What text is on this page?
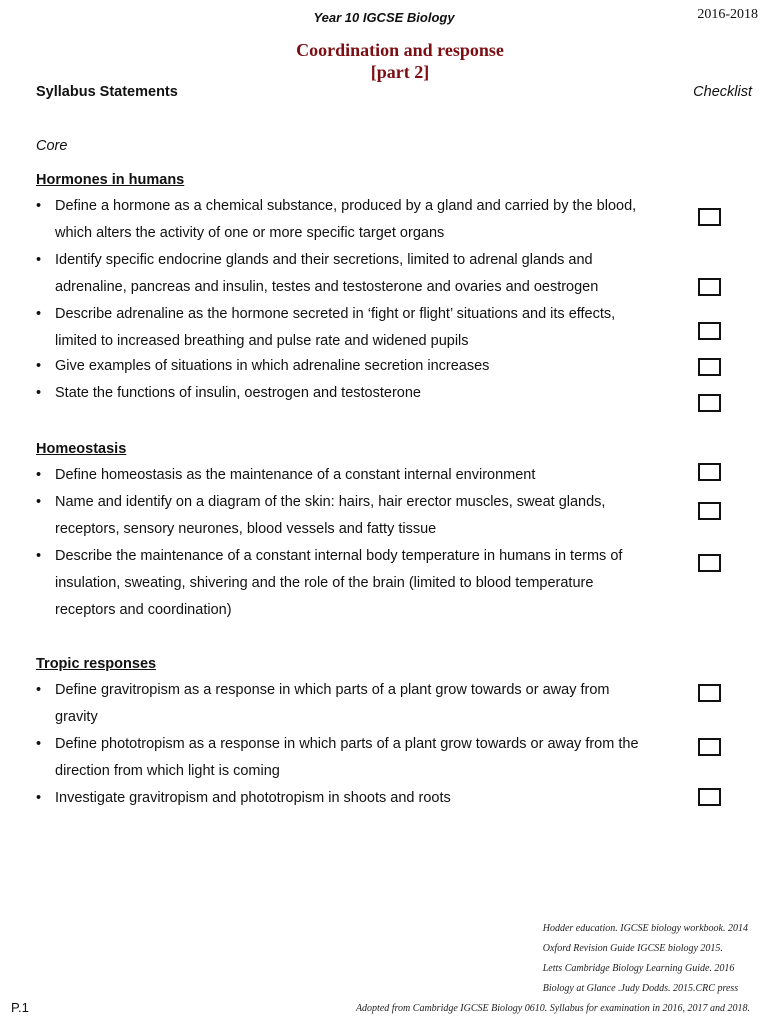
Year 10 IGCSE Biology	2016-2018
Coordination and response
[part 2]
Syllabus Statements	Checklist
Core
Hormones in humans
• Define a hormone as a chemical substance, produced by a gland and carried by the blood, which alters the activity of one or more specific target organs
• Identify specific endocrine glands and their secretions, limited to adrenal glands and adrenaline, pancreas and insulin, testes and testosterone and ovaries and oestrogen
• Describe adrenaline as the hormone secreted in ‘fight or flight’ situations and its effects, limited to increased breathing and pulse rate and widened pupils
• Give examples of situations in which adrenaline secretion increases
• State the functions of insulin, oestrogen and testosterone
Homeostasis
• Define homeostasis as the maintenance of a constant internal environment
• Name and identify on a diagram of the skin: hairs, hair erector muscles, sweat glands, receptors, sensory neurones, blood vessels and fatty tissue
• Describe the maintenance of a constant internal body temperature in humans in terms of insulation, sweating, shivering and the role of the brain (limited to blood temperature receptors and coordination)
Tropic responses
• Define gravitropism as a response in which parts of a plant grow towards or away from gravity
• Define phototropism as a response in which parts of a plant grow towards or away from the direction from which light is coming
• Investigate gravitropism and phototropism in shoots and roots
Hodder education. IGCSE biology workbook. 2014
Oxford Revision Guide IGCSE biology 2015.
Letts Cambridge Biology Learning Guide. 2016
Biology at Glance .Judy Dodds. 2015.CRC press
P.1	Adopted from Cambridge IGCSE Biology 0610. Syllabus for examination in 2016, 2017 and 2018.
